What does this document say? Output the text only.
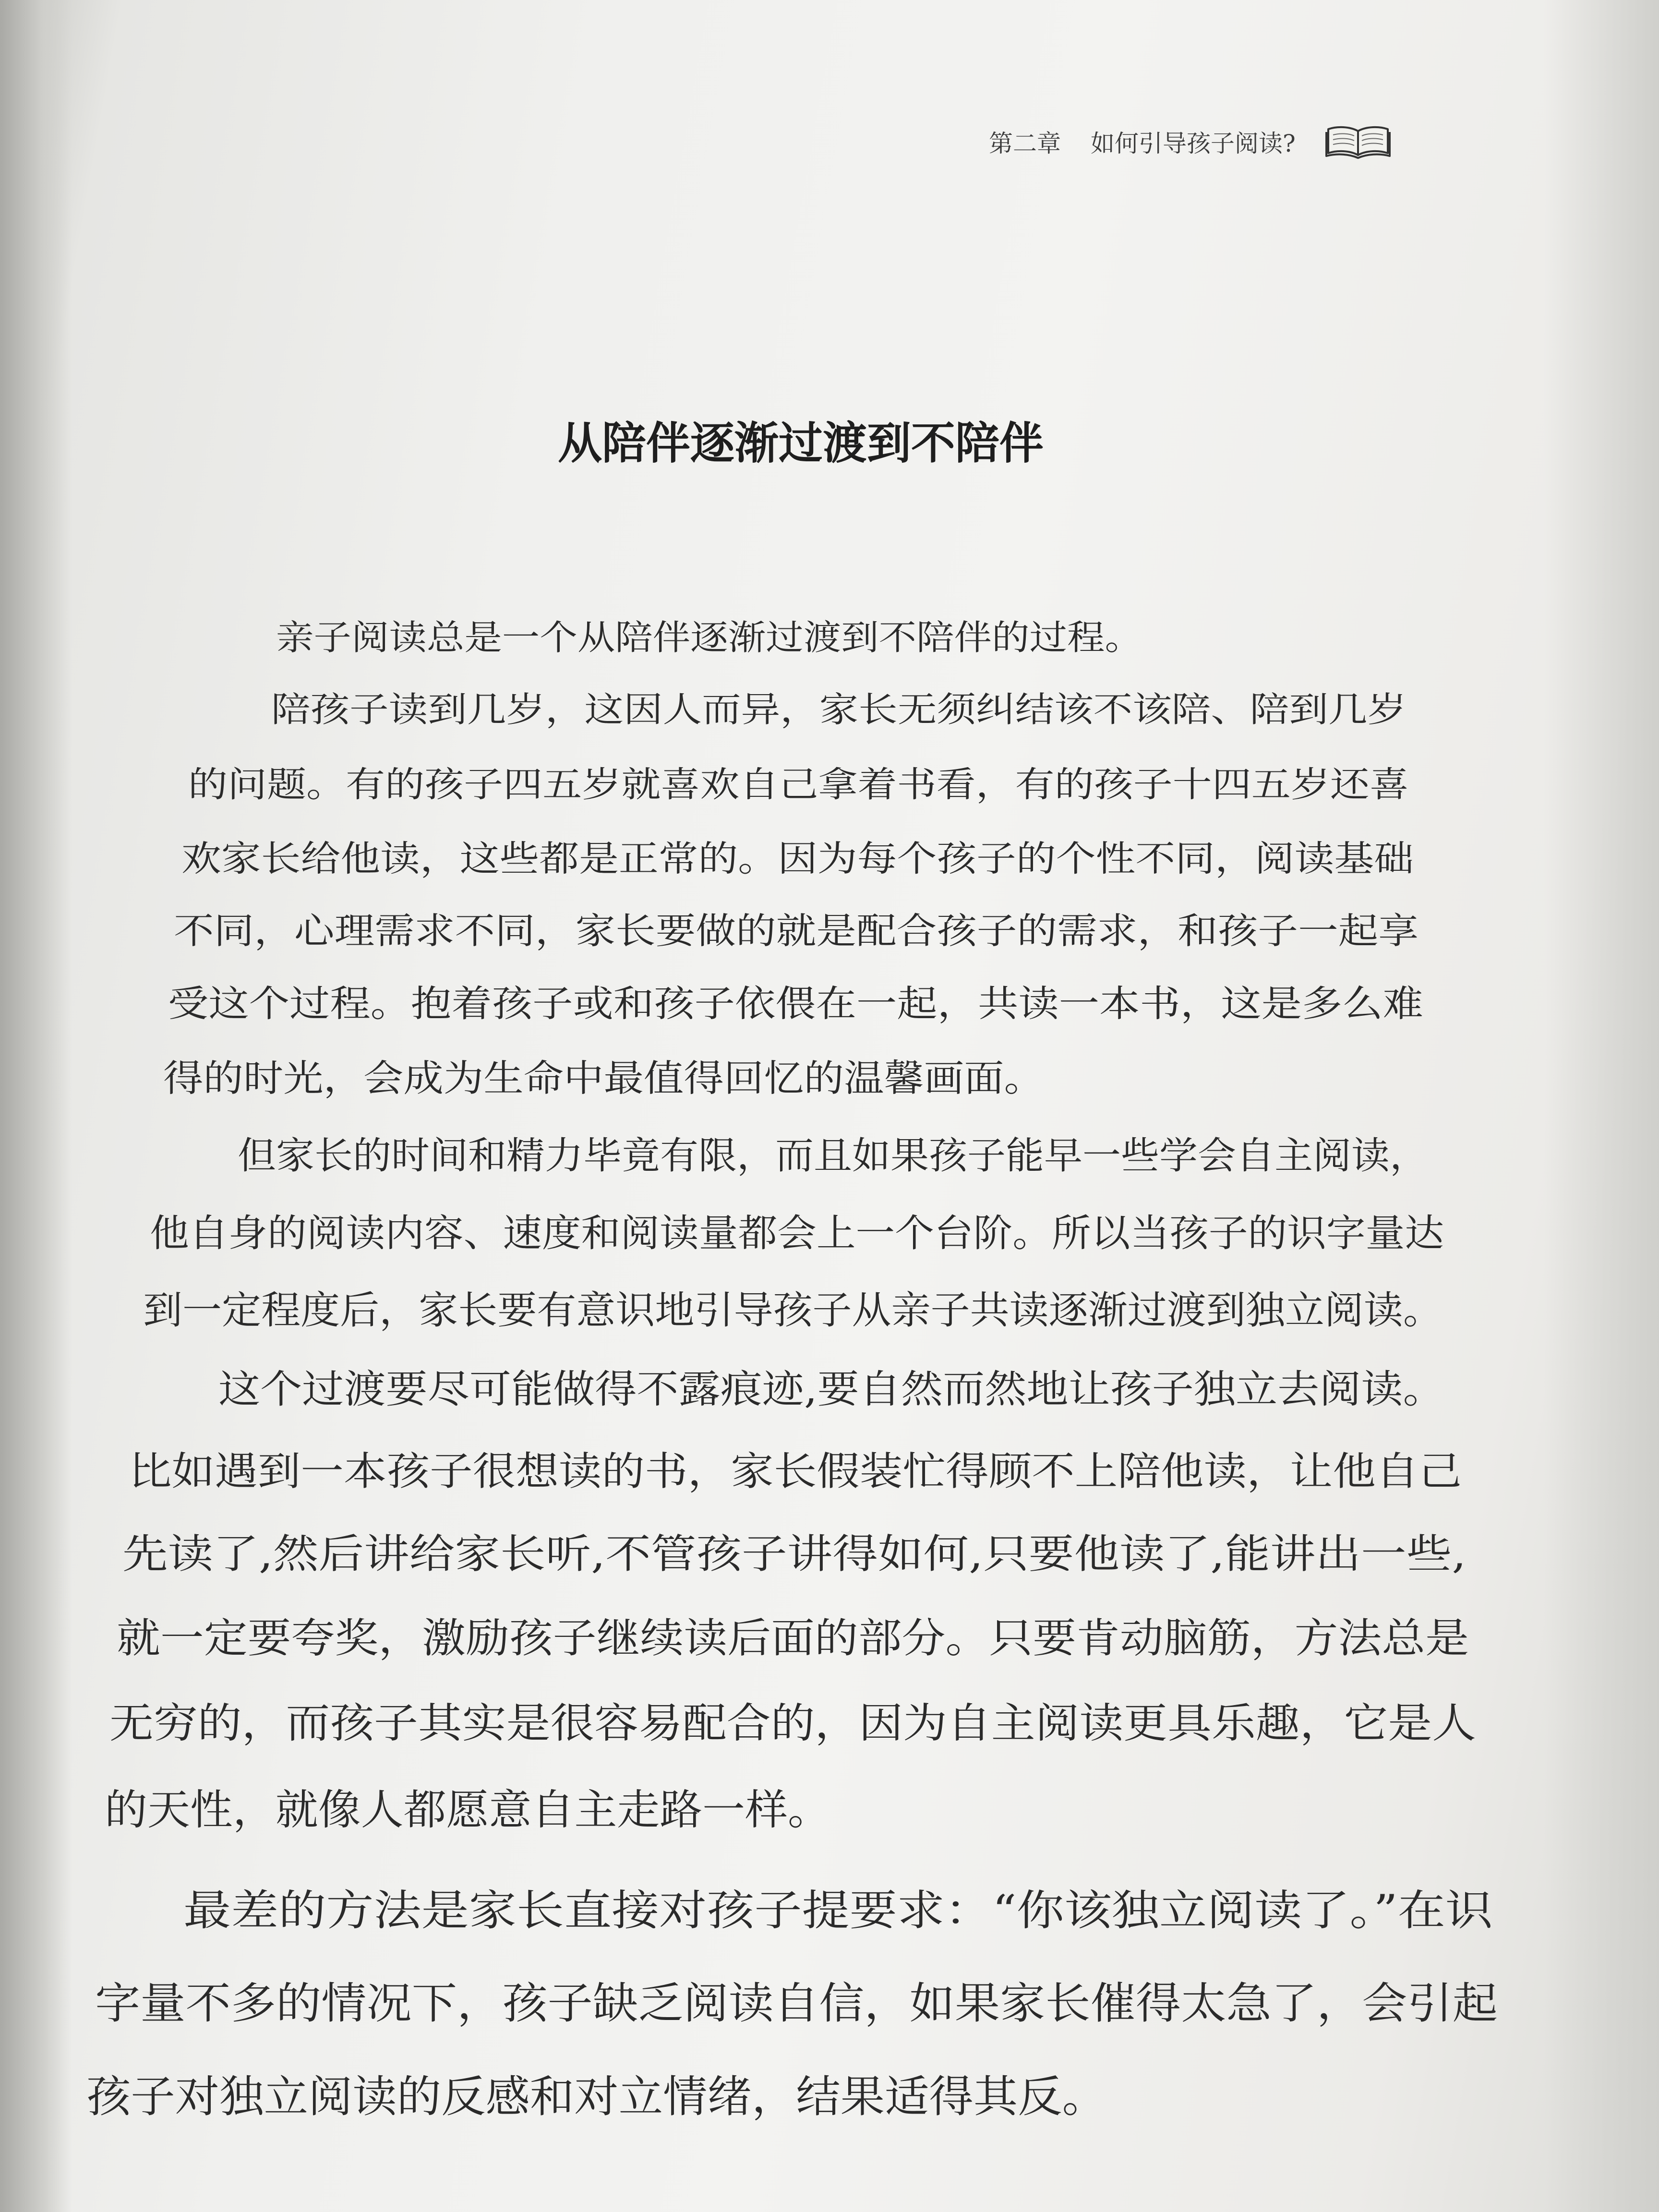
第二章 如何引导孩子阅读?
从陪伴逐渐过渡到不陪伴

亲子阅读总是一个从陪伴逐渐过渡到不陪伴的过程。

陪孩子读到几岁，这因人而异，家长无须纠结该不该陪、陪到几岁

的问题。有的孩子四五岁就喜欢自己拿着书看，有的孩子十四五岁还喜

欢家长给他读，这些都是正常的。因为每个孩子的个性不同，阅读基础

不同，心理需求不同，家长要做的就是配合孩子的需求，和孩子一起享

受这个过程。抱着孩子或和孩子依偎在一起，共读一本书，这是多么难

得的时光，会成为生命中最值得回忆的温馨画面。

但家长的时间和精力毕竟有限，而且如果孩子能早一些学会自主阅读，

他自身的阅读内容、速度和阅读量都会上一个台阶。所以当孩子的识字量达

到一定程度后，家长要有意识地引导孩子从亲子共读逐渐过渡到独立阅读。

这个过渡要尽可能做得不露痕迹,要自然而然地让孩子独立去阅读。

比如遇到一本孩子很想读的书，家长假装忙得顾不上陪他读，让他自己

先读了,然后讲给家长听,不管孩子讲得如何,只要他读了,能讲出一些,

就一定要夸奖，激励孩子继续读后面的部分。只要肯动脑筋，方法总是

无穷的，而孩子其实是很容易配合的，因为自主阅读更具乐趣，它是人

的天性，就像人都愿意自主走路一样。

最差的方法是家长直接对孩子提要求：“你该独立阅读了。”在识

字量不多的情况下，孩子缺乏阅读自信，如果家长催得太急了，会引起

孩子对独立阅读的反感和对立情绪，结果适得其反。
